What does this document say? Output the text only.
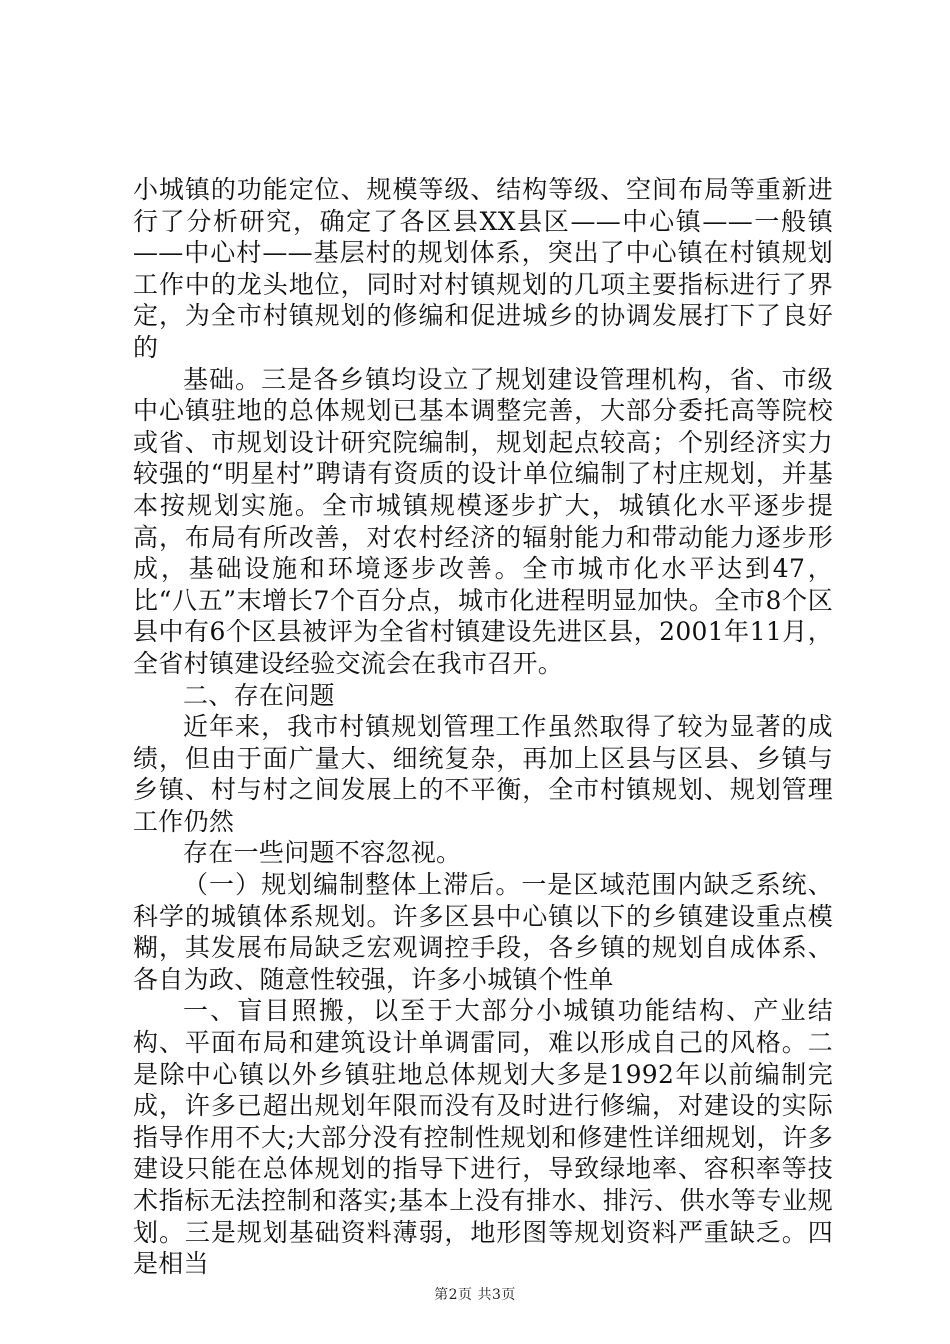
小城镇的功能定位、规模等级、结构等级、空间布局等重新进行了分析研究，确定了各区县XX县区——中心镇——一般镇——中心村——基层村的规划体系，突出了中心镇在村镇规划工作中的龙头地位，同时对村镇规划的几项主要指标进行了界定，为全市村镇规划的修编和促进城乡的协调发展打下了良好的

基础。三是各乡镇均设立了规划建设管理机构，省、市级中心镇驻地的总体规划已基本调整完善，大部分委托高等院校或省、市规划设计研究院编制，规划起点较高；个别经济实力较强的“明星村”聘请有资质的设计单位编制了村庄规划，并基本按规划实施。全市城镇规模逐步扩大，城镇化水平逐步提高，布局有所改善，对农村经济的辐射能力和带动能力逐步形成，基础设施和环境逐步改善。全市城市化水平达到47，比“八五”末增长7个百分点，城市化进程明显加快。全市8个区县中有6个区县被评为全省村镇建设先进区县，2001年11月，全省村镇建设经验交流会在我市召开。

二、存在问题

近年来，我市村镇规划管理工作虽然取得了较为显著的成绩，但由于面广量大、细统复杂，再加上区县与区县、乡镇与乡镇、村与村之间发展上的不平衡，全市村镇规划、规划管理工作仍然

存在一些问题不容忽视。

（一）规划编制整体上滞后。一是区域范围内缺乏系统、科学的城镇体系规划。许多区县中心镇以下的乡镇建设重点模糊，其发展布局缺乏宏观调控手段，各乡镇的规划自成体系、各自为政、随意性较强，许多小城镇个性单

一、盲目照搬，以至于大部分小城镇功能结构、产业结构、平面布局和建筑设计单调雷同，难以形成自己的风格。二是除中心镇以外乡镇驻地总体规划大多是1992年以前编制完成，许多已超出规划年限而没有及时进行修编，对建设的实际指导作用不大;大部分没有控制性规划和修建性详细规划，许多建设只能在总体规划的指导下进行，导致绿地率、容积率等技术指标无法控制和落实;基本上没有排水、排污、供水等专业规划。三是规划基础资料薄弱，地形图等规划资料严重缺乏。四是相当

第2页 共3页
